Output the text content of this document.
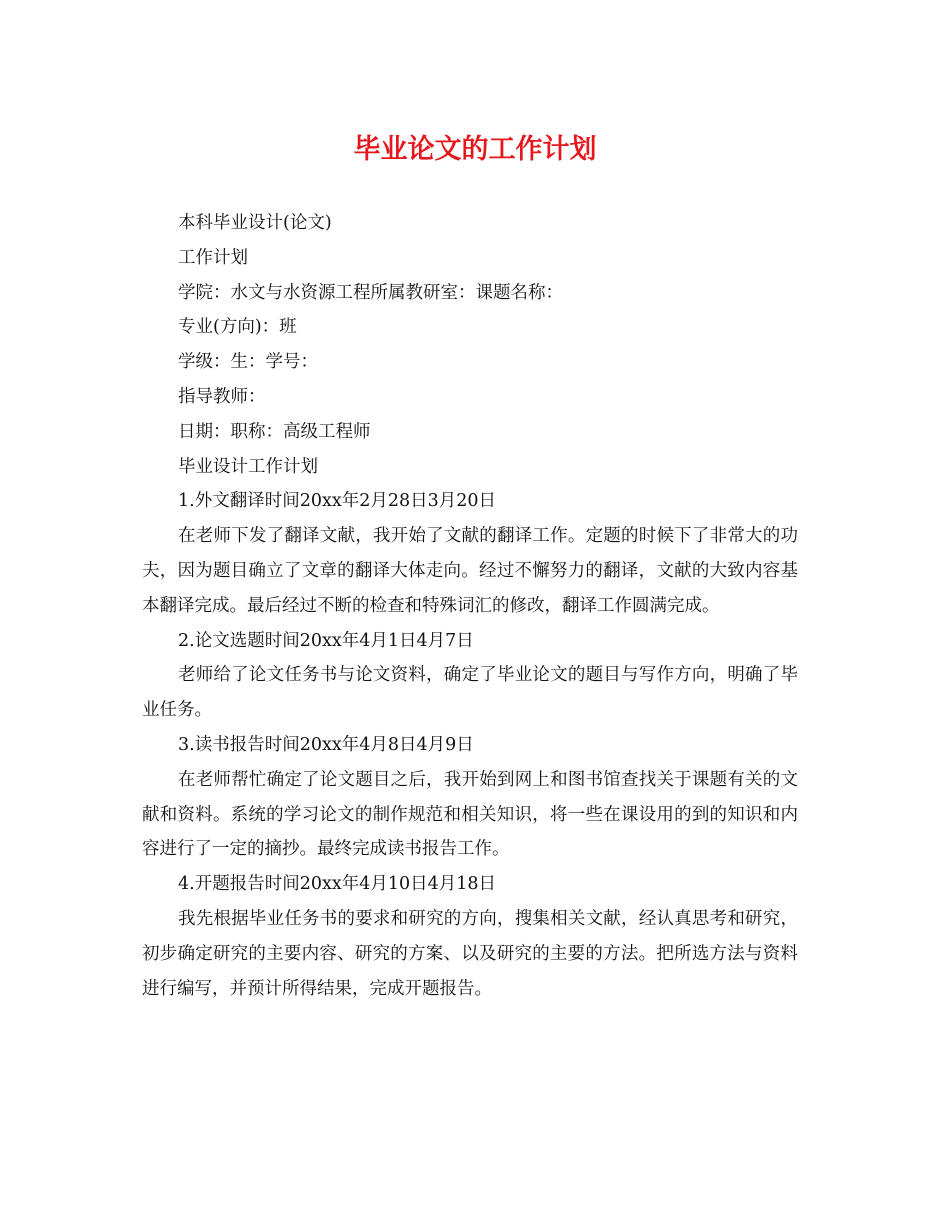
毕业论文的工作计划

本科毕业设计(论文)

工作计划

学院：水文与水资源工程所属教研室：课题名称：

专业(方向)：班

学级：生：学号：

指导教师：

日期：职称：高级工程师

毕业设计工作计划

1.外文翻译时间20xx年2月28日3月20日

在老师下发了翻译文献，我开始了文献的翻译工作。定题的时候下了非常大的功夫，因为题目确立了文章的翻译大体走向。经过不懈努力的翻译，文献的大致内容基本翻译完成。最后经过不断的检查和特殊词汇的修改，翻译工作圆满完成。

2.论文选题时间20xx年4月1日4月7日

老师给了论文任务书与论文资料，确定了毕业论文的题目与写作方向，明确了毕业任务。

3.读书报告时间20xx年4月8日4月9日

在老师帮忙确定了论文题目之后，我开始到网上和图书馆查找关于课题有关的文献和资料。系统的学习论文的制作规范和相关知识，将一些在课设用的到的知识和内容进行了一定的摘抄。最终完成读书报告工作。

4.开题报告时间20xx年4月10日4月18日

我先根据毕业任务书的要求和研究的方向，搜集相关文献，经认真思考和研究，初步确定研究的主要内容、研究的方案、以及研究的主要的方法。把所选方法与资料进行编写，并预计所得结果，完成开题报告。
